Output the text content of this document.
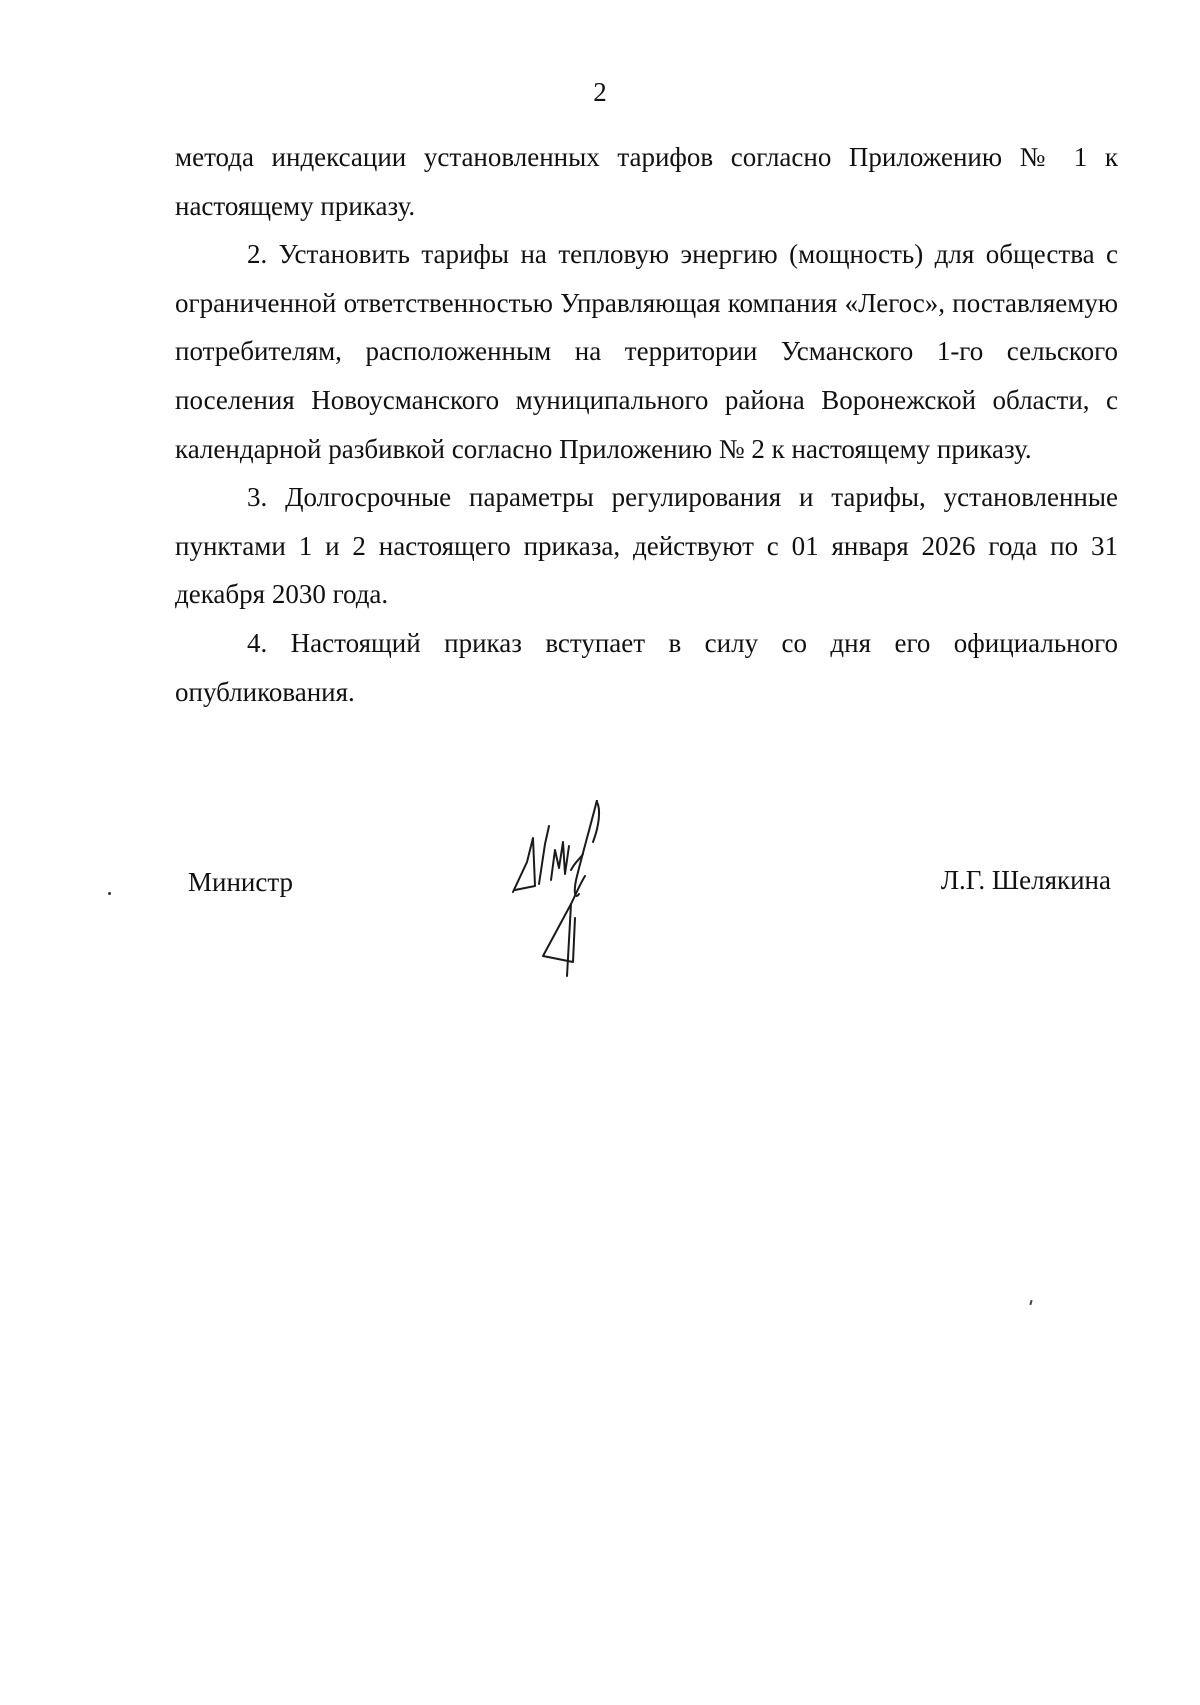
2

метода индексации установленных тарифов согласно Приложению № 1 к настоящему приказу.

2. Установить тарифы на тепловую энергию (мощность) для общества с ограниченной ответственностью Управляющая компания «Легос», поставляемую потребителям, расположенным на территории Усманского 1-го сельского поселения Новоусманского муниципального района Воронежской области, с календарной разбивкой согласно Приложению № 2 к настоящему приказу.

3. Долгосрочные параметры регулирования и тарифы, установленные пунктами 1 и 2 настоящего приказа, действуют с 01 января 2026 года по 31 декабря 2030 года.

4. Настоящий приказ вступает в силу со дня его официального опубликования.

Министр	Л.Г. Шелякина
